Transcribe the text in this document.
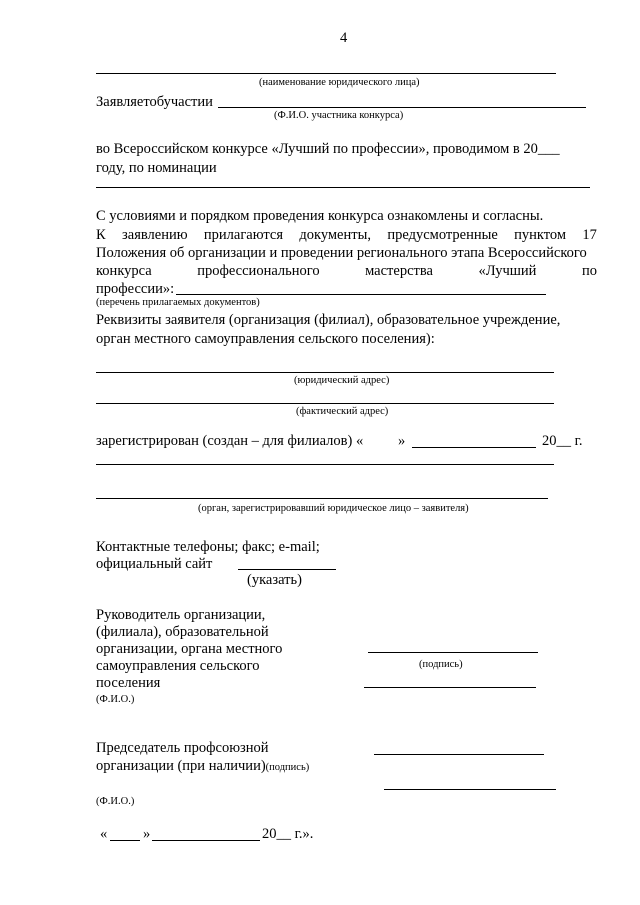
4
(наименование юридического лица)
Заявляетобучастии
(Ф.И.О. участника конкурса)
во Всероссийском конкурсе «Лучший по профессии», проводимом в 20___
году, по номинации
С условиями и порядком проведения конкурса ознакомлены и согласны.
К заявлению прилагаются документы, предусмотренные пунктом 17
Положения об организации и проведении регионального этапа Всероссийского
конкурса	профессионального	мастерства	«Лучший	по
профессии»:
(перечень прилагаемых документов)
Реквизиты заявителя (организация (филиал), образовательное учреждение,
орган местного самоуправления сельского поселения):
(юридический адрес)
(фактический адрес)
зарегистрирован (создан – для филиалов) « »	20__ г.
(орган, зарегистрировавший юридическое лицо – заявителя)
Контактные телефоны; факс; e-mail;
официальный сайт
(указать)
Руководитель организации,
(филиала), образовательной
организации, органа местного
самоуправления сельского
поселения
(Ф.И.О.)
(подпись)
Председатель профсоюзной
организации (при наличии)(подпись)
(Ф.И.О.)
« »	20__ г.».
